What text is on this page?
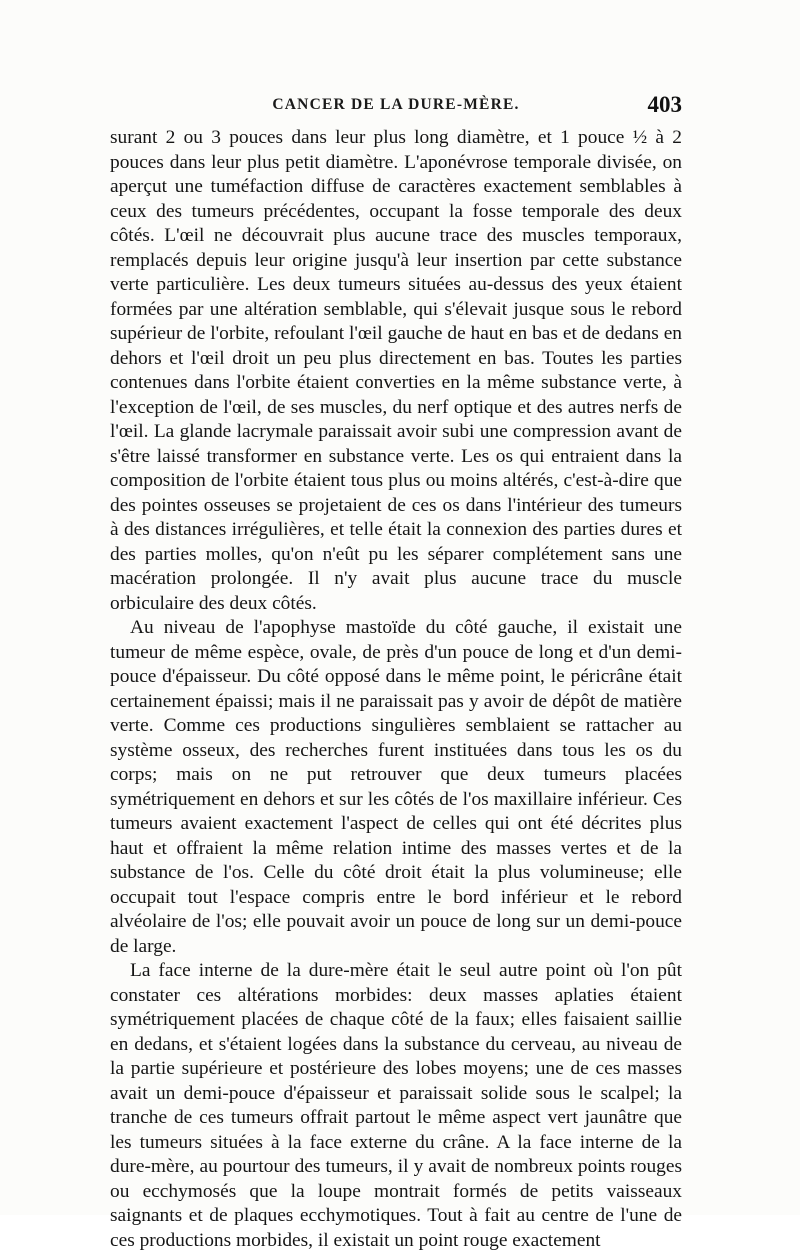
CANCER DE LA DURE-MÈRE.	403

surant 2 ou 3 pouces dans leur plus long diamètre, et 1 pouce ½ à 2 pouces dans leur plus petit diamètre. L'aponévrose temporale divisée, on aperçut une tuméfaction diffuse de caractères exactement semblables à ceux des tumeurs précédentes, occupant la fosse temporale des deux côtés. L'œil ne découvrait plus aucune trace des muscles temporaux, remplacés depuis leur origine jusqu'à leur insertion par cette substance verte particulière. Les deux tumeurs situées au-dessus des yeux étaient formées par une altération semblable, qui s'élevait jusque sous le rebord supérieur de l'orbite, refoulant l'œil gauche de haut en bas et de dedans en dehors et l'œil droit un peu plus directement en bas. Toutes les parties contenues dans l'orbite étaient converties en la même substance verte, à l'exception de l'œil, de ses muscles, du nerf optique et des autres nerfs de l'œil. La glande lacrymale paraissait avoir subi une compression avant de s'être laissé transformer en substance verte. Les os qui entraient dans la composition de l'orbite étaient tous plus ou moins altérés, c'est-à-dire que des pointes osseuses se projetaient de ces os dans l'intérieur des tumeurs à des distances irrégulières, et telle était la connexion des parties dures et des parties molles, qu'on n'eût pu les séparer complétement sans une macération prolongée. Il n'y avait plus aucune trace du muscle orbiculaire des deux côtés.

Au niveau de l'apophyse mastoïde du côté gauche, il existait une tumeur de même espèce, ovale, de près d'un pouce de long et d'un demi-pouce d'épaisseur. Du côté opposé dans le même point, le péricrâne était certainement épaissi; mais il ne paraissait pas y avoir de dépôt de matière verte. Comme ces productions singulières semblaient se rattacher au système osseux, des recherches furent instituées dans tous les os du corps; mais on ne put retrouver que deux tumeurs placées symétriquement en dehors et sur les côtés de l'os maxillaire inférieur. Ces tumeurs avaient exactement l'aspect de celles qui ont été décrites plus haut et offraient la même relation intime des masses vertes et de la substance de l'os. Celle du côté droit était la plus volumineuse; elle occupait tout l'espace compris entre le bord inférieur et le rebord alvéolaire de l'os; elle pouvait avoir un pouce de long sur un demi-pouce de large.

La face interne de la dure-mère était le seul autre point où l'on pût constater ces altérations morbides: deux masses aplaties étaient symétriquement placées de chaque côté de la faux; elles faisaient saillie en dedans, et s'étaient logées dans la substance du cerveau, au niveau de la partie supérieure et postérieure des lobes moyens; une de ces masses avait un demi-pouce d'épaisseur et paraissait solide sous le scalpel; la tranche de ces tumeurs offrait partout le même aspect vert jaunâtre que les tumeurs situées à la face externe du crâne. A la face interne de la dure-mère, au pourtour des tumeurs, il y avait de nombreux points rouges ou ecchymosés que la loupe montrait formés de petits vaisseaux saignants et de plaques ecchymotiques. Tout à fait au centre de l'une de ces productions morbides, il existait un point rouge exactement
